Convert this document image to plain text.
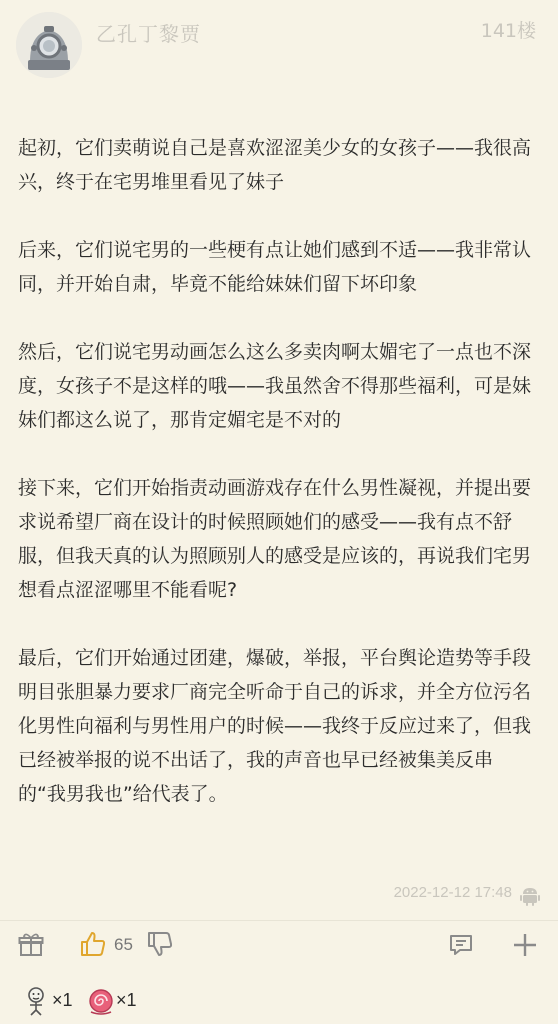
乙孔丁黎贾	141楼

起初，它们卖萌说自己是喜欢涩涩美少女的女孩子——我很高兴，终于在宅男堆里看见了妹子

后来，它们说宅男的一些梗有点让她们感到不适——我非常认同，并开始自肃，毕竟不能给妹妹们留下坏印象

然后，它们说宅男动画怎么这么多卖肉啊太媚宅了一点也不深度，女孩子不是这样的哦——我虽然舍不得那些福利，可是妹妹们都这么说了，那肯定媚宅是不对的

接下来，它们开始指责动画游戏存在什么男性凝视，并提出要求说希望厂商在设计的时候照顾她们的感受——我有点不舒服，但我天真的认为照顾别人的感受是应该的，再说我们宅男想看点涩涩哪里不能看呢?

最后，它们开始通过团建，爆破，举报，平台舆论造势等手段明目张胆暴力要求厂商完全听命于自己的诉求，并全方位污名化男性向福利与男性用户的时候——我终于反应过来了，但我已经被举报的说不出话了，我的声音也早已经被集美反串的“我男我也”给代表了。

2022-12-12 17:48
65
×1 ×1
